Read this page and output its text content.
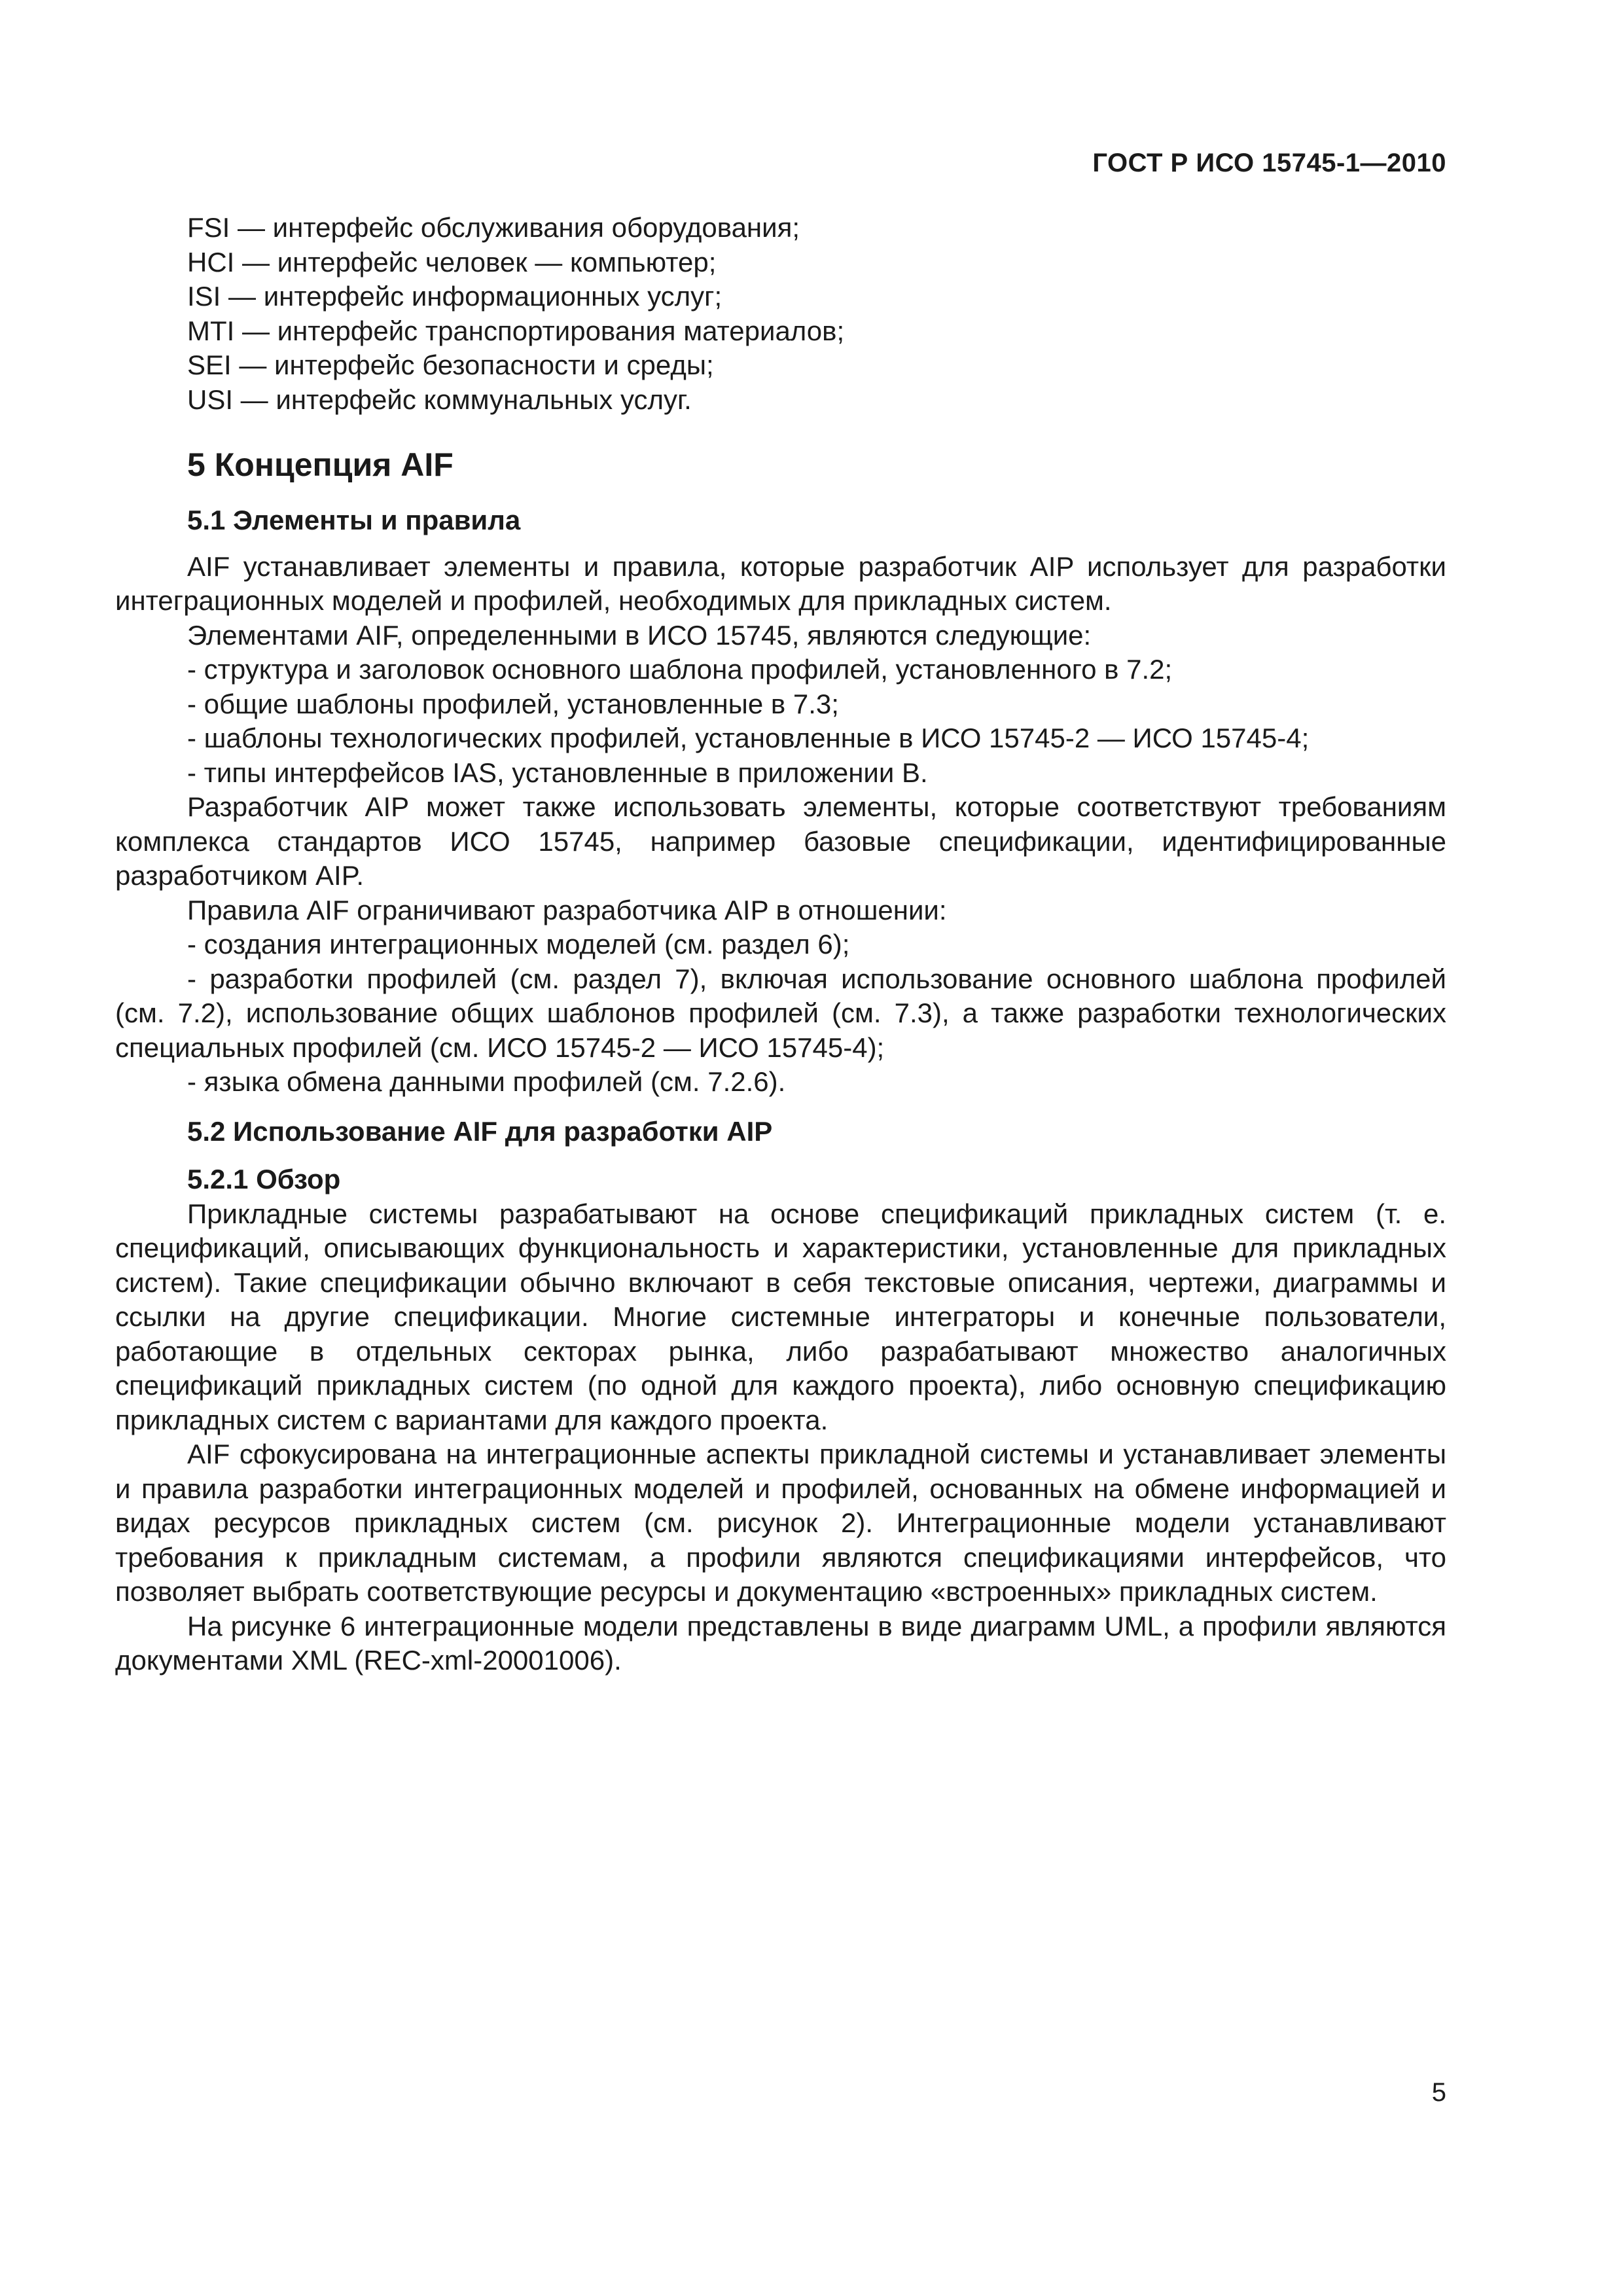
ГОСТ Р ИСО 15745-1—2010

FSI — интерфейс обслуживания оборудования;

HCI — интерфейс человек — компьютер;

ISI — интерфейс информационных услуг;

MTI — интерфейс транспортирования материалов;

SEI — интерфейс безопасности и среды;

USI — интерфейс коммунальных услуг.

5 Концепция AIF

5.1 Элементы и правила

AIF устанавливает элементы и правила, которые разработчик AIP использует для разработки интеграционных моделей и профилей, необходимых для прикладных систем.

Элементами AIF, определенными в ИСО 15745, являются следующие:

- структура и заголовок основного шаблона профилей, установленного в 7.2;

- общие шаблоны профилей, установленные в 7.3;

- шаблоны технологических профилей, установленные в ИСО 15745-2 — ИСО 15745-4;

- типы интерфейсов IAS, установленные в приложении В.

Разработчик AIP может также использовать элементы, которые соответствуют требованиям комплекса стандартов ИСО 15745, например базовые спецификации, идентифицированные разработчиком AIP.

Правила AIF ограничивают разработчика AIP в отношении:

- создания интеграционных моделей (см. раздел 6);

- разработки профилей (см. раздел 7), включая использование основного шаблона профилей (см. 7.2), использование общих шаблонов профилей (см. 7.3), а также разработки технологических специальных профилей (см. ИСО 15745-2 — ИСО 15745-4);

- языка обмена данными профилей (см. 7.2.6).

5.2 Использование AIF для разработки AIP

5.2.1 Обзор

Прикладные системы разрабатывают на основе спецификаций прикладных систем (т. е. спецификаций, описывающих функциональность и характеристики, установленные для прикладных систем). Такие спецификации обычно включают в себя текстовые описания, чертежи, диаграммы и ссылки на другие спецификации. Многие системные интеграторы и конечные пользователи, работающие в отдельных секторах рынка, либо разрабатывают множество аналогичных спецификаций прикладных систем (по одной для каждого проекта), либо основную спецификацию прикладных систем с вариантами для каждого проекта.

AIF сфокусирована на интеграционные аспекты прикладной системы и устанавливает элементы и правила разработки интеграционных моделей и профилей, основанных на обмене информацией и видах ресурсов прикладных систем (см. рисунок 2). Интеграционные модели устанавливают требования к прикладным системам, а профили являются спецификациями интерфейсов, что позволяет выбрать соответствующие ресурсы и документацию «встроенных» прикладных систем.

На рисунке 6 интеграционные модели представлены в виде диаграмм UML, а профили являются документами XML (REC-xml-20001006).

5
